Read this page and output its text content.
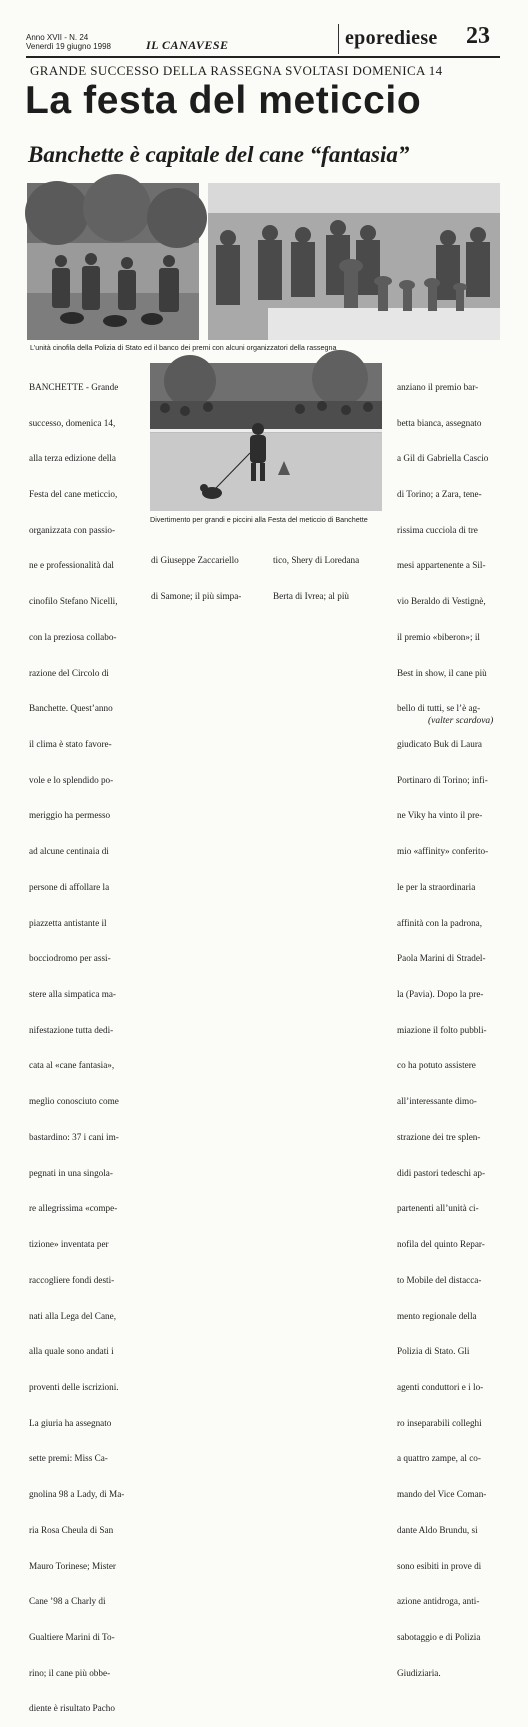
Anno XVII - N. 24
Venerdì 19 giugno 1998	IL CANAVESE	eporediese 23
GRANDE SUCCESSO DELLA RASSEGNA SVOLTASI DOMENICA 14
La festa del meticcio
Banchette è capitale del cane “fantasia”
L’unità cinofila della Polizia di Stato ed il banco dei premi con alcuni organizzatori della rassegna
Divertimento per grandi e piccini alla Festa del meticcio di Banchette

BANCHETTE - Grande

successo, domenica 14,

alla terza edizione della

Festa del cane meticcio,

organizzata con passio-

ne e professionalità dal

cinofilo Stefano Nicelli,

con la preziosa collabo-

razione del Circolo di

Banchette. Quest’anno

il clima è stato favore-

vole e lo splendido po-

meriggio ha permesso

ad alcune centinaia di

persone di affollare la

piazzetta antistante il

bocciodromo per assi-

stere alla simpatica ma-

nifestazione tutta dedi-

cata al «cane fantasia»,

meglio conosciuto come

bastardino: 37 i cani im-

pegnati in una singola-

re allegrissima «compe-

tizione» inventata per

raccogliere fondi desti-

nati alla Lega del Cane,

alla quale sono andati i

proventi delle iscrizioni.

La giuria ha assegnato

sette premi: Miss Ca-

gnolina 98 a Lady, di Ma-

ria Rosa Cheula di San

Mauro Torinese; Mister

Cane ’98 a Charly di

Gualtiere Marini di To-

rino; il cane più obbe-

diente è risultato Pacho

di Giuseppe Zaccariello

di Samone; il più simpa-

tico, Shery di Loredana

Berta di Ivrea; al più

anziano il premio bar-

betta bianca, assegnato

a Gil di Gabriella Cascio

di Torino; a Zara, tene-

rissima cucciola di tre

mesi appartenente a Sil-

vio Beraldo di Vestignè,

il premio «biberon»; il

Best in show, il cane più

bello di tutti, se l’è ag-

giudicato Buk di Laura

Portinaro di Torino; infi-

ne Viky ha vinto il pre-

mio «affinity» conferito-

le per la straordinaria

affinità con la padrona,

Paola Marini di Stradel-

la (Pavia). Dopo la pre-

miazione il folto pubbli-

co ha potuto assistere

all’interessante dimo-

strazione dei tre splen-

didi pastori tedeschi ap-

partenenti all’unità ci-

nofila del quinto Repar-

to Mobile del distacca-

mento regionale della

Polizia di Stato. Gli

agenti conduttori e i lo-

ro inseparabili colleghi

a quattro zampe, al co-

mando del Vice Coman-

dante Aldo Brundu, si

sono esibiti in prove di

azione antidroga, anti-

sabotaggio e di Polizia

Giudiziaria.

(valter scardova)
